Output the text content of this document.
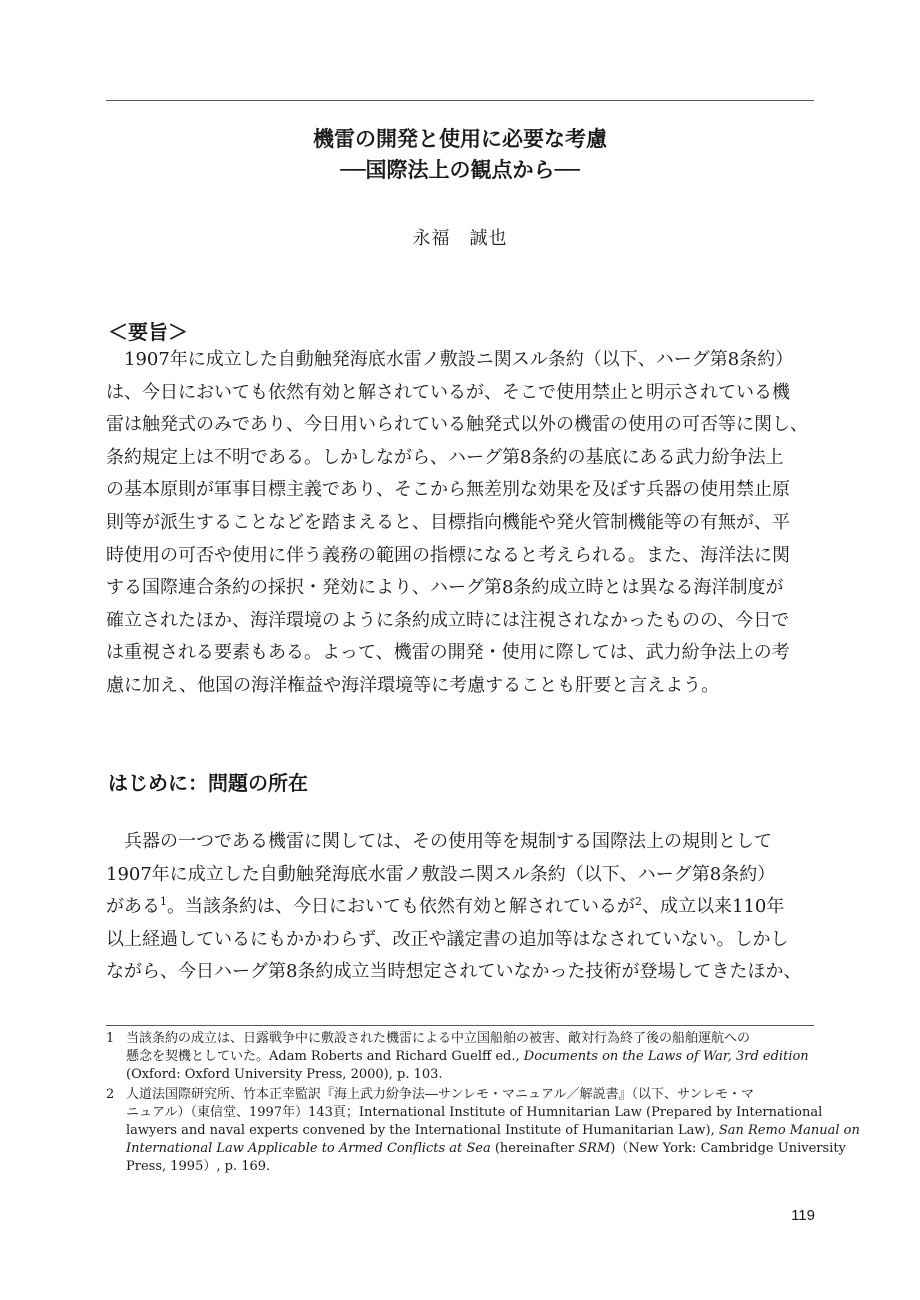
機雷の開発と使用に必要な考慮
──国際法上の観点から──
永福　誠也
＜要旨＞
1907年に成立した自動触発海底水雷ノ敷設ニ関スル条約（以下、ハーグ第8条約）
は、今日においても依然有効と解されているが、そこで使用禁止と明示されている機
雷は触発式のみであり、今日用いられている触発式以外の機雷の使用の可否等に関し、
条約規定上は不明である。しかしながら、ハーグ第8条約の基底にある武力紛争法上
の基本原則が軍事目標主義であり、そこから無差別な効果を及ぼす兵器の使用禁止原
則等が派生することなどを踏まえると、目標指向機能や発火管制機能等の有無が、平
時使用の可否や使用に伴う義務の範囲の指標になると考えられる。また、海洋法に関
する国際連合条約の採択・発効により、ハーグ第8条約成立時とは異なる海洋制度が
確立されたほか、海洋環境のように条約成立時には注視されなかったものの、今日で
は重視される要素もある。よって、機雷の開発・使用に際しては、武力紛争法上の考
慮に加え、他国の海洋権益や海洋環境等に考慮することも肝要と言えよう。
はじめに：問題の所在
兵器の一つである機雷に関しては、その使用等を規制する国際法上の規則として
1907年に成立した自動触発海底水雷ノ敷設ニ関スル条約（以下、ハーグ第8条約）
がある$^1$。当該条約は、今日においても依然有効と解されているが$^2$、成立以来110年
以上経過しているにもかかわらず、改正や議定書の追加等はなされていない。しかし
ながら、今日ハーグ第8条約成立当時想定されていなかった技術が登場してきたほか、
1 当該条約の成立は、日露戦争中に敷設された機雷による中立国船舶の被害、敵対行為終了後の船舶運航への
懸念を契機としていた。Adam Roberts and Richard Guelff ed., Documents on the Laws of War, 3rd edition
(Oxford: Oxford University Press, 2000), p. 103.
2 人道法国際研究所、竹本正幸監訳『海上武力紛争法―サンレモ・マニュアル／解説書』（以下、サンレモ・マ
ニュアル）（東信堂、1997年）143頁；International Institute of Humnitarian Law (Prepared by International
lawyers and naval experts convened by the International Institute of Humanitarian Law), San Remo Manual on
International Law Applicable to Armed Conflicts at Sea (hereinafter SRM)（New York: Cambridge University
Press, 1995）, p. 169.
119
